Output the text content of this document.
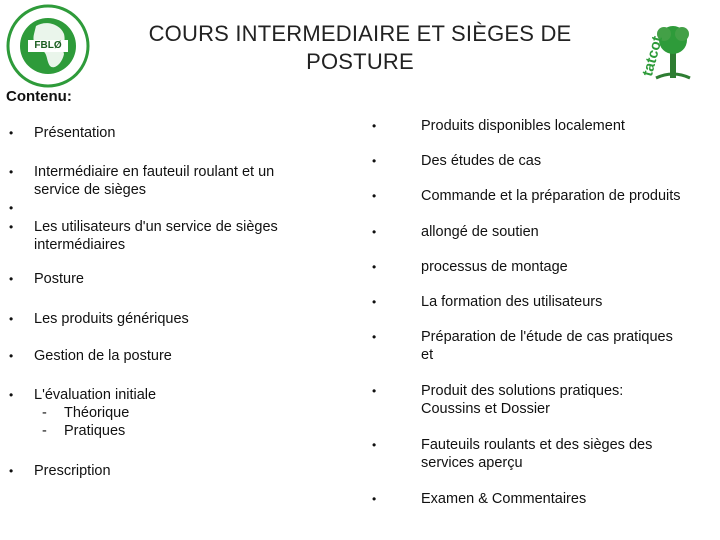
FBLØ	COURS INTERMEDIAIRE ET SIÈGES DE
POSTURE	tatcot
Contenu:
• Présentation
• Intermédiaire en fauteuil roulant et un
service de sièges
•
• Les utilisateurs d'un service de sièges
intermédiaires
• Posture
• Les produits génériques
• Gestion de la posture
• L'évaluation initiale
- Théorique
- Pratiques
• Prescription
•	Produits disponibles localement
•	Des études de cas
•	Commande et la préparation de produits
•	allongé de soutien
•	processus de montage
•	La formation des utilisateurs
•	Préparation de l'étude de cas pratiques
et
•	Produit des solutions pratiques:
Coussins et Dossier
•	Fauteuils roulants et des sièges des
services aperçu
•	Examen & Commentaires
